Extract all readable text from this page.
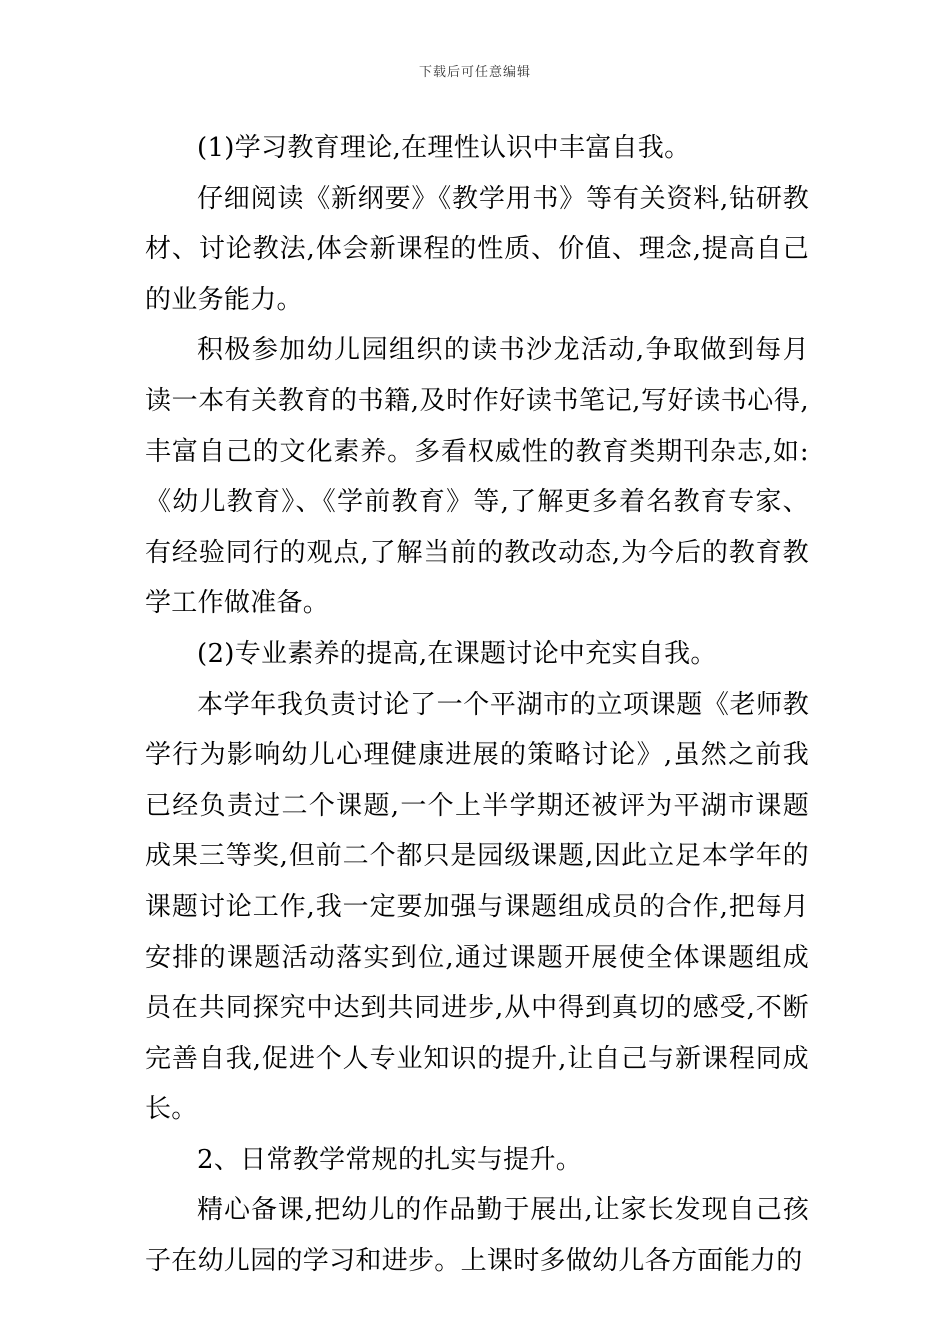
下载后可任意编辑

(1)学习教育理论,在理性认识中丰富自我。

仔细阅读《新纲要》《教学用书》等有关资料,钻研教材、讨论教法,体会新课程的性质、价值、理念,提高自己的业务能力。

积极参加幼儿园组织的读书沙龙活动,争取做到每月读一本有关教育的书籍,及时作好读书笔记,写好读书心得,丰富自己的文化素养。多看权威性的教育类期刊杂志,如:《幼儿教育》、《学前教育》等,了解更多着名教育专家、有经验同行的观点,了解当前的教改动态,为今后的教育教学工作做准备。

(2)专业素养的提高,在课题讨论中充实自我。

本学年我负责讨论了一个平湖市的立项课题《老师教学行为影响幼儿心理健康进展的策略讨论》,虽然之前我已经负责过二个课题,一个上半学期还被评为平湖市课题成果三等奖,但前二个都只是园级课题,因此立足本学年的课题讨论工作,我一定要加强与课题组成员的合作,把每月安排的课题活动落实到位,通过课题开展使全体课题组成员在共同探究中达到共同进步,从中得到真切的感受,不断完善自我,促进个人专业知识的提升,让自己与新课程同成长。

2、日常教学常规的扎实与提升。

精心备课,把幼儿的作品勤于展出,让家长发现自己孩子在幼儿园的学习和进步。上课时多做幼儿各方面能力的
